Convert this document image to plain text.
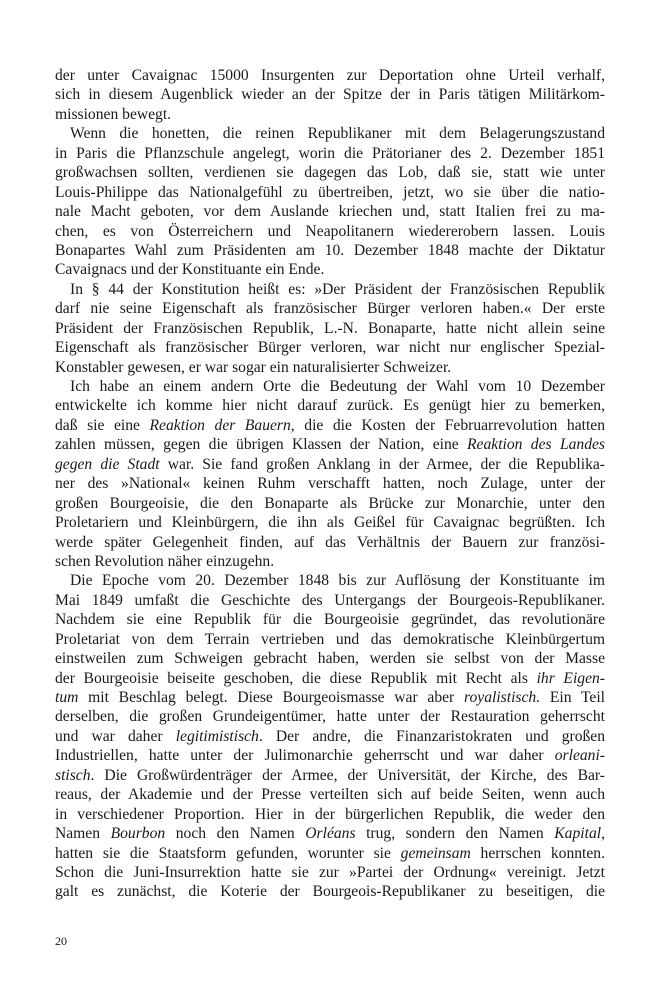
der unter Cavaignac 15000 Insurgenten zur Deportation ohne Urteil verhalf,
sich in diesem Augenblick wieder an der Spitze der in Paris tätigen Militärkom-
missionen bewegt.
Wenn die honetten, die reinen Republikaner mit dem Belagerungszustand
in Paris die Pflanzschule angelegt, worin die Prätorianer des 2. Dezember 1851
großwachsen sollten, verdienen sie dagegen das Lob, daß sie, statt wie unter
Louis-Philippe das Nationalgefühl zu übertreiben, jetzt, wo sie über die natio-
nale Macht geboten, vor dem Auslande kriechen und, statt Italien frei zu ma-
chen, es von Österreichern und Neapolitanern wiedererobern lassen. Louis
Bonapartes Wahl zum Präsidenten am 10. Dezember 1848 machte der Diktatur
Cavaignacs und der Konstituante ein Ende.
In § 44 der Konstitution heißt es: »Der Präsident der Französischen Republik
darf nie seine Eigenschaft als französischer Bürger verloren haben.« Der erste
Präsident der Französischen Republik, L.-N. Bonaparte, hatte nicht allein seine
Eigenschaft als französischer Bürger verloren, war nicht nur englischer Spezial-
Konstabler gewesen, er war sogar ein naturalisierter Schweizer.
Ich habe an einem andern Orte die Bedeutung der Wahl vom 10 Dezember
entwickelte ich komme hier nicht darauf zurück. Es genügt hier zu bemerken,
daß sie eine Reaktion der Bauern, die die Kosten der Februarrevolution hatten
zahlen müssen, gegen die übrigen Klassen der Nation, eine Reaktion des Landes
gegen die Stadt war. Sie fand großen Anklang in der Armee, der die Republika-
ner des »National« keinen Ruhm verschafft hatten, noch Zulage, unter der
großen Bourgeoisie, die den Bonaparte als Brücke zur Monarchie, unter den
Proletariern und Kleinbürgern, die ihn als Geißel für Cavaignac begrüßten. Ich
werde später Gelegenheit finden, auf das Verhältnis der Bauern zur französi-
schen Revolution näher einzugehn.
Die Epoche vom 20. Dezember 1848 bis zur Auflösung der Konstituante im
Mai 1849 umfaßt die Geschichte des Untergangs der Bourgeois-Republikaner.
Nachdem sie eine Republik für die Bourgeoisie gegründet, das revolutionäre
Proletariat von dem Terrain vertrieben und das demokratische Kleinbürgertum
einstweilen zum Schweigen gebracht haben, werden sie selbst von der Masse
der Bourgeoisie beiseite geschoben, die diese Republik mit Recht als ihr Eigen-
tum mit Beschlag belegt. Diese Bourgeoismasse war aber royalistisch. Ein Teil
derselben, die großen Grundeigentümer, hatte unter der Restauration geherrscht
und war daher legitimistisch. Der andre, die Finanzaristokraten und großen
Industriellen, hatte unter der Julimonarchie geherrscht und war daher orleani-
stisch. Die Großwürdenträger der Armee, der Universität, der Kirche, des Bar-
reaus, der Akademie und der Presse verteilten sich auf beide Seiten, wenn auch
in verschiedener Proportion. Hier in der bürgerlichen Republik, die weder den
Namen Bourbon noch den Namen Orléans trug, sondern den Namen Kapital,
hatten sie die Staatsform gefunden, worunter sie gemeinsam herrschen konnten.
Schon die Juni-Insurrektion hatte sie zur »Partei der Ordnung« vereinigt. Jetzt
galt es zunächst, die Koterie der Bourgeois-Republikaner zu beseitigen, die
20
